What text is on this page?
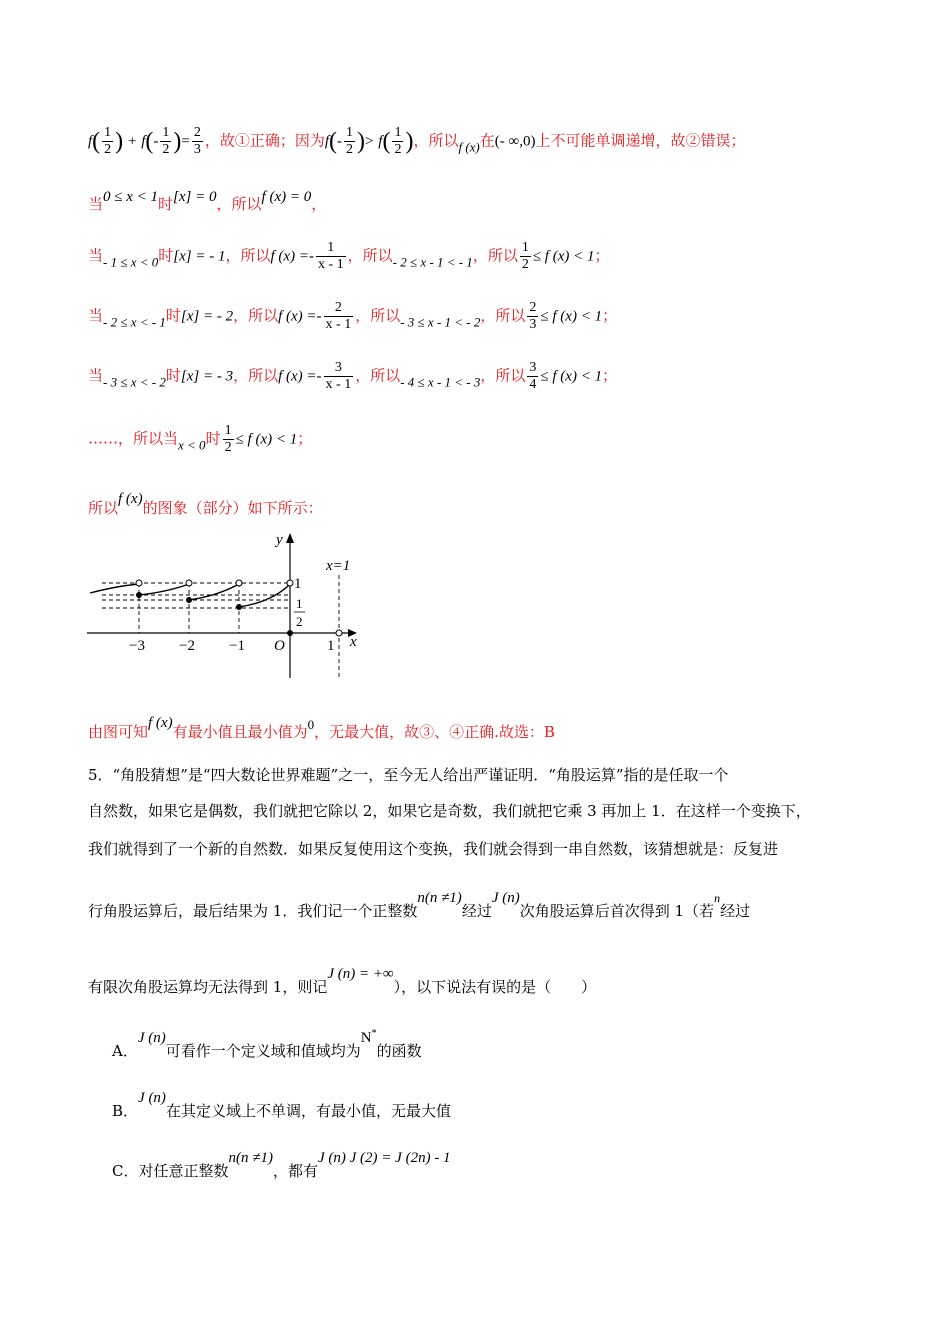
$f( \frac{1}{2}$ ) + $f(- \frac{1}{2}$ )= $\frac{2}{3}$ ，故①正确；因为$f(- \frac{1}{2}$ )> $f( \frac{1}{2}$ )，所以f (x)在(- ∞,0)上不可能单调递增，故②错误；
当0 ≤ x < 1时[x] = 0，所以f (x) = 0，
当- 1 ≤ x < 0时[x] = - 1，所以f $(x) =- \frac{1}{x - 1}$ ，所以- 2 ≤ x - 1 < - 1，所以 $\frac{1}{2} \le f$ (x) < 1；
当- 2 ≤ x < - 1时[x] = - 2，所以f $(x) =- \frac{2}{x - 1}$ ，所以- 3 ≤ x - 1 < - 2，所以 $\frac{2}{3} \le f$ (x) < 1；
当- 3 ≤ x < - 2时[x] = - 3，所以f $(x) =- \frac{3}{x - 1}$ ，所以- 4 ≤ x - 1 < - 3，所以 $\frac{3}{4} \le f$ (x) < 1；
……，所以当x < 0时 $\frac{1}{2} \le f$ (x) < 1；
所以f (x)的图象（部分）如下所示：
y
x
x=1
O
−3 −2 −1	1
1
1
2
由图可知f (x)有最小值且最小值为0，无最大值，故③、④正确.故选：B
5．“角股猜想”是“四大数论世界难题”之一，至今无人给出严谨证明．“角股运算”指的是任取一个
自然数，如果它是偶数，我们就把它除以 2，如果它是奇数，我们就把它乘 3 再加上 1．在这样一个变换下，
我们就得到了一个新的自然数．如果反复使用这个变换，我们就会得到一串自然数，该猜想就是：反复进
行角股运算后，最后结果为 1．我们记一个正整数n(n ≠1)经过J (n)次角股运算后首次得到 1（若n经过
有限次角股运算均无法得到 1，则记J (n) = +∞），以下说法有误的是（　　）
A．J (n)可看作一个定义域和值域均为N*的函数
B．J (n)在其定义域上不单调，有最小值，无最大值
C．对任意正整数n(n ≠1)，都有J (n) J (2) = J (2n) - 1
